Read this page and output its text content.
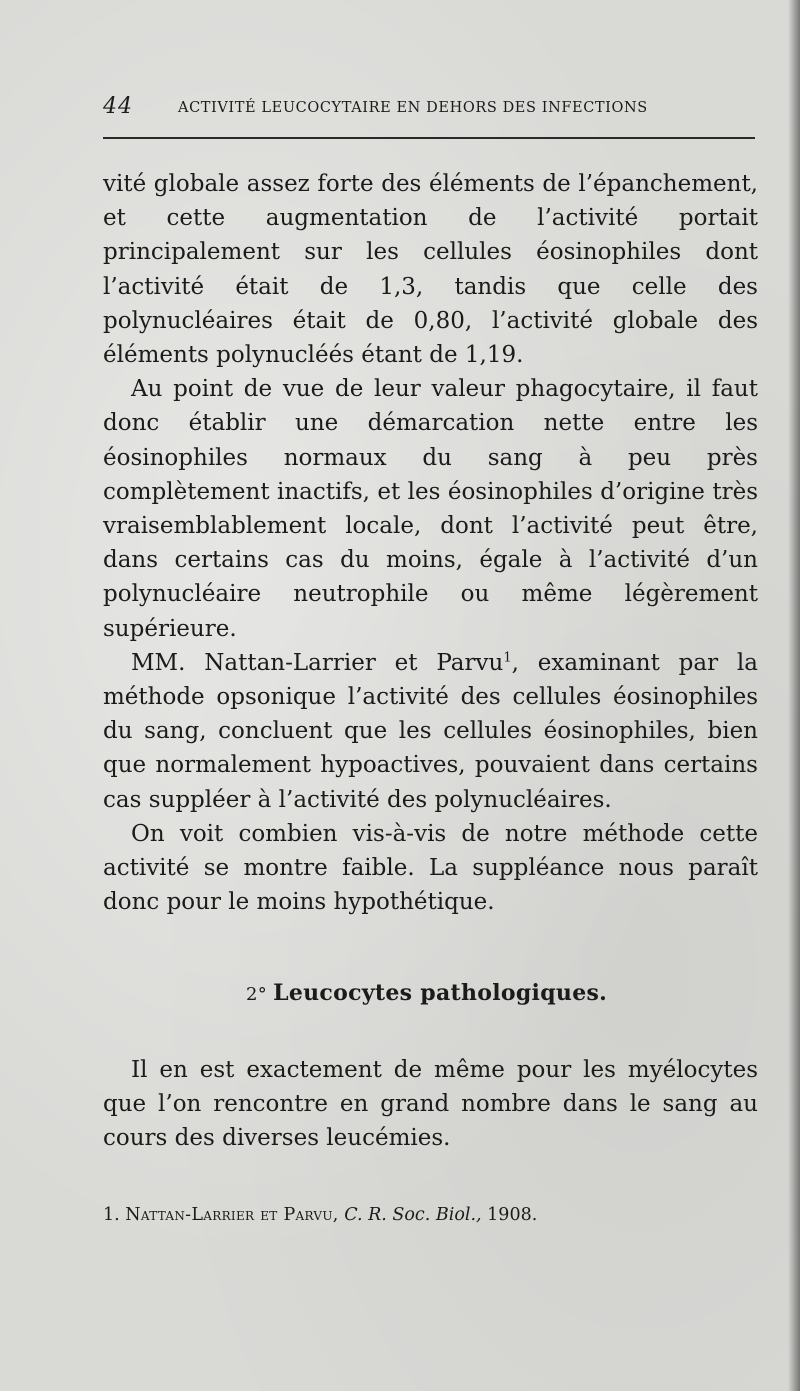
44	ACTIVITÉ LEUCOCYTAIRE EN DEHORS DES INFECTIONS

vité globale assez forte des éléments de l’épanchement, et cette augmentation de l’activité portait principalement sur les cellules éosinophiles dont l’activité était de 1,3, tandis que celle des polynucléaires était de 0,80, l’activité globale des éléments polynucléés étant de 1,19.

Au point de vue de leur valeur phagocytaire, il faut donc établir une démarcation nette entre les éosinophiles normaux du sang à peu près complètement inactifs, et les éosinophiles d’origine très vraisemblablement locale, dont l’activité peut être, dans certains cas du moins, égale à l’activité d’un polynucléaire neutrophile ou même légèrement supérieure.

MM. Nattan-Larrier et Parvu$^1$, examinant par la méthode opsonique l’activité des cellules éosinophiles du sang, concluent que les cellules éosinophiles, bien que normalement hypoactives, pouvaient dans certains cas suppléer à l’activité des polynucléaires.

On voit combien vis-à-vis de notre méthode cette activité se montre faible. La suppléance nous paraît donc pour le moins hypothétique.

2° Leucocytes pathologiques.

Il en est exactement de même pour les myélocytes que l’on rencontre en grand nombre dans le sang au cours des diverses leucémies.

1. Nattan-Larrier et Parvu, C. R. Soc. Biol., 1908.
